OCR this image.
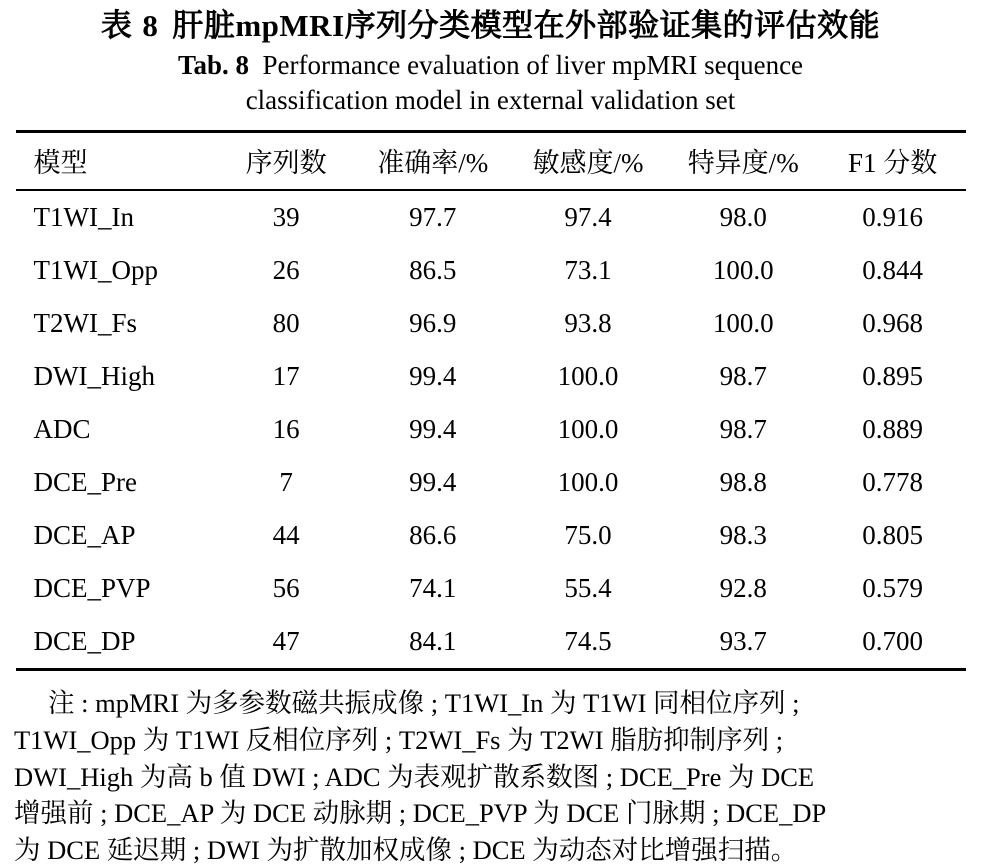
表 8 肝脏mpMRI序列分类模型在外部验证集的评估效能
Tab. 8 Performance evaluation of liver mpMRI sequence
classification model in external validation set
模型	序列数	准确率/%	敏感度/%	特异度/%	F1 分数
T1WI_In	39	97.7	97.4	98.0	0.916
T1WI_Opp	26	86.5	73.1	100.0	0.844
T2WI_Fs	80	96.9	93.8	100.0	0.968
DWI_High	17	99.4	100.0	98.7	0.895
ADC	16	99.4	100.0	98.7	0.889
DCE_Pre	7	99.4	100.0	98.8	0.778
DCE_AP	44	86.6	75.0	98.3	0.805
DCE_PVP	56	74.1	55.4	92.8	0.579
DCE_DP	47	84.1	74.5	93.7	0.700
注 : mpMRI 为多参数磁共振成像 ; T1WI_In 为 T1WI 同相位序列 ;
T1WI_Opp 为 T1WI 反相位序列 ; T2WI_Fs 为 T2WI 脂肪抑制序列 ;
DWI_High 为高 b 值 DWI ; ADC 为表观扩散系数图 ; DCE_Pre 为 DCE
增强前 ; DCE_AP 为 DCE 动脉期 ; DCE_PVP 为 DCE 门脉期 ; DCE_DP
为 DCE 延迟期 ; DWI 为扩散加权成像 ; DCE 为动态对比增强扫描。
